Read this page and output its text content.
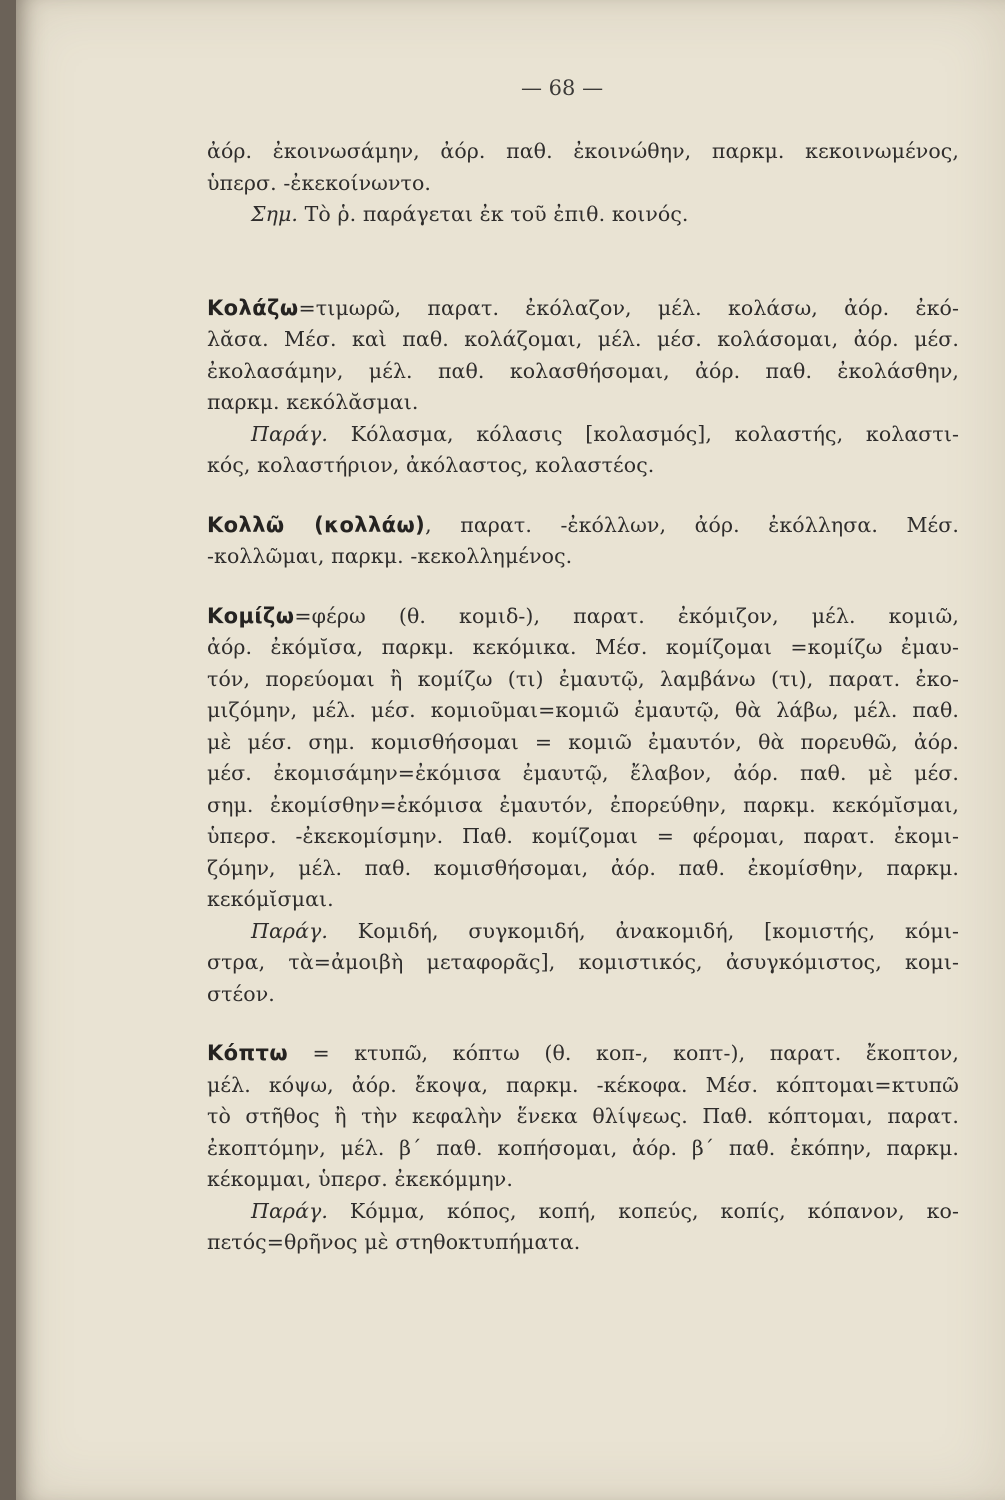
— 68 —
ἀόρ. ἐκοινωσάμην, ἀόρ. παθ. ἐκοινώθην, παρκμ. κεκοινωμένος,
ὑπερσ. -ἐκεκοίνωντο.
Σημ. Τὸ ῥ. παράγεται ἐκ τοῦ ἐπιθ. κοινός.
Κολάζω=τιμωρῶ, παρατ. ἐκόλαζον, μέλ. κολάσω, ἀόρ. ἐκό-
λᾰσα. Μέσ. καὶ παθ. κολάζομαι, μέλ. μέσ. κολάσομαι, ἀόρ. μέσ.
ἐκολασάμην, μέλ. παθ. κολασθήσομαι, ἀόρ. παθ. ἐκολάσθην,
παρκμ. κεκόλᾰσμαι.
Παράγ. Κόλασμα, κόλασις [κολασμός], κολαστής, κολαστι-
κός, κολαστήριον, ἀκόλαστος, κολαστέος.
Κολλῶ (κολλάω), παρατ. -ἐκόλλων, ἀόρ. ἐκόλλησα. Μέσ.
-κολλῶμαι, παρκμ. -κεκολλημένος.
Κομίζω=φέρω (θ. κομιδ-), παρατ. ἐκόμιζον, μέλ. κομιῶ,
ἀόρ. ἐκόμῐσα, παρκμ. κεκόμικα. Μέσ. κομίζομαι =κομίζω ἐμαυ-
τόν, πορεύομαι ἢ κομίζω (τι) ἐμαυτῷ, λαμβάνω (τι), παρατ. ἐκο-
μιζόμην, μέλ. μέσ. κομιοῦμαι=κομιῶ ἐμαυτῷ, θὰ λάβω, μέλ. παθ.
μὲ μέσ. σημ. κομισθήσομαι = κομιῶ ἐμαυτόν, θὰ πορευθῶ, ἀόρ.
μέσ. ἐκομισάμην=ἐκόμισα ἐμαυτῷ, ἔλαβον, ἀόρ. παθ. μὲ μέσ.
σημ. ἐκομίσθην=ἐκόμισα ἐμαυτόν, ἐπορεύθην, παρκμ. κεκόμῐσμαι,
ὑπερσ. -ἐκεκομίσμην. Παθ. κομίζομαι = φέρομαι, παρατ. ἐκομι-
ζόμην, μέλ. παθ. κομισθήσομαι, ἀόρ. παθ. ἐκομίσθην, παρκμ.
κεκόμῐσμαι.
Παράγ. Κομιδή, συγκομιδή, ἀνακομιδή, [κομιστής, κόμι-
στρα, τὰ=ἀμοιβὴ μεταφορᾶς], κομιστικός, ἀσυγκόμιστος, κομι-
στέον.
Κόπτω = κτυπῶ, κόπτω (θ. κοπ-, κοπτ-), παρατ. ἔκοπτον,
μέλ. κόψω, ἀόρ. ἔκοψα, παρκμ. -κέκοφα. Μέσ. κόπτομαι=κτυπῶ
τὸ στῆθος ἢ τὴν κεφαλὴν ἕνεκα θλίψεως. Παθ. κόπτομαι, παρατ.
ἐκοπτόμην, μέλ. β΄ παθ. κοπήσομαι, ἀόρ. β΄ παθ. ἐκόπην, παρκμ.
κέκομμαι, ὑπερσ. ἐκεκόμμην.
Παράγ. Κόμμα, κόπος, κοπή, κοπεύς, κοπίς, κόπανον, κο-
πετός=θρῆνος μὲ στηθοκτυπήματα.
